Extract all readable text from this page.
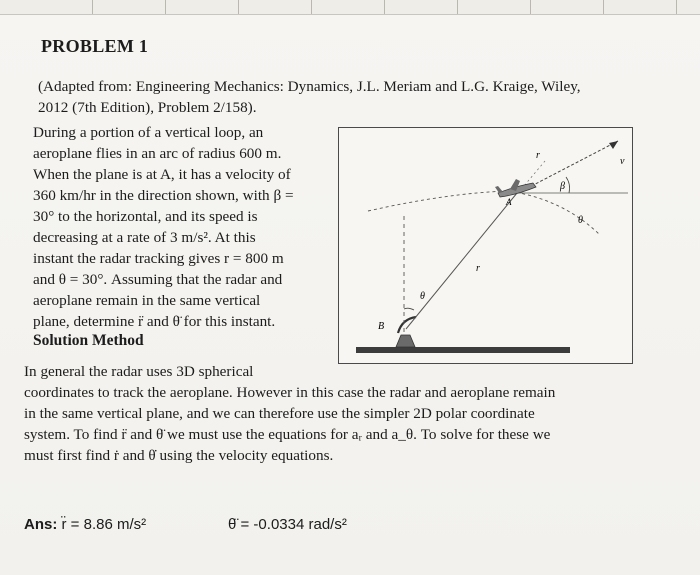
PROBLEM 1
(Adapted from: Engineering Mechanics: Dynamics, J.L. Meriam and L.G. Kraige, Wiley,
2012 (7th Edition), Problem 2/158).
During a portion of a vertical loop, an
aeroplane flies in an arc of radius 600 m.
When the plane is at A, it has a velocity of
360 km/hr in the direction shown, with β =
30° to the horizontal, and its speed is
decreasing at a rate of 3 m/s². At this
instant the radar tracking gives r = 800 m
and θ = 30°. Assuming that the radar and
aeroplane remain in the same vertical
plane, determine r̈ and θ̈ for this instant.
Solution Method
In general the radar uses 3D spherical
coordinates to track the aeroplane. However in this case the radar and aeroplane remain
in the same vertical plane, and we can therefore use the simpler 2D polar coordinate
system. To find r̈ and θ̈ we must use the equations for aᵣ and a_θ. To solve for these we
must first find ṙ and θ̇ using the velocity equations.
Ans: r̈ = 8.86 m/s²	θ̈ = -0.0334 rad/s²
r
v
β
A
θ
r
θ
B
